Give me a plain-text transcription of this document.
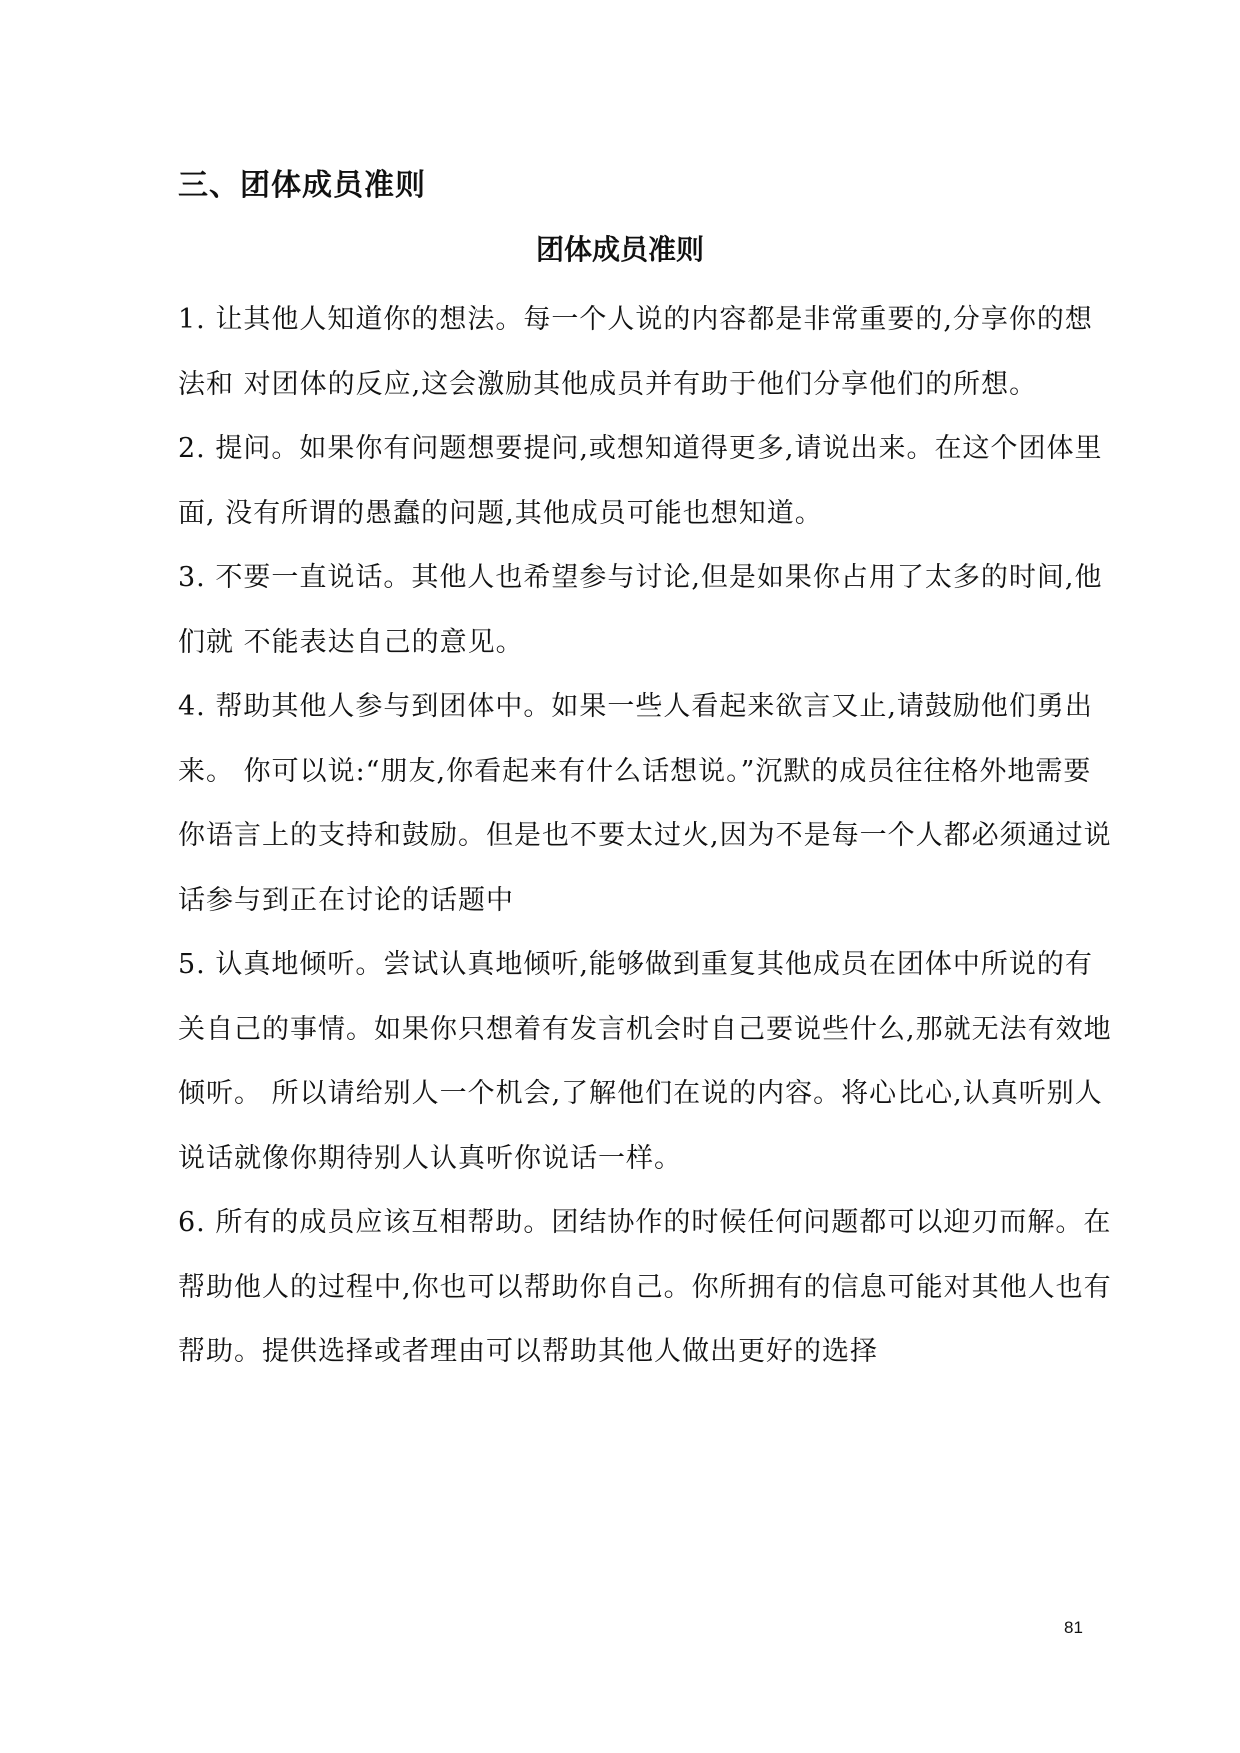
三、团体成员准则
团体成员准则

1. 让其他人知道你的想法。每一个人说的内容都是非常重要的,分享你的想法和 对团体的反应,这会激励其他成员并有助于他们分享他们的所想。

2. 提问。如果你有问题想要提问,或想知道得更多,请说出来。在这个团体里面, 没有所谓的愚蠢的问题,其他成员可能也想知道。

3. 不要一直说话。其他人也希望参与讨论,但是如果你占用了太多的时间,他们就 不能表达自己的意见。

4. 帮助其他人参与到团体中。如果一些人看起来欲言又止,请鼓励他们勇出来。 你可以说:“朋友,你看起来有什么话想说。”沉默的成员往往格外地需要你语言上的支持和鼓励。但是也不要太过火,因为不是每一个人都必须通过说话参与到正在讨论的话题中

5. 认真地倾听。尝试认真地倾听,能够做到重复其他成员在团体中所说的有关自己的事情。如果你只想着有发言机会时自己要说些什么,那就无法有效地倾听。 所以请给别人一个机会,了解他们在说的内容。将心比心,认真听别人说话就像你期待别人认真听你说话一样。

6. 所有的成员应该互相帮助。团结协作的时候任何问题都可以迎刃而解。在帮助他人的过程中,你也可以帮助你自己。你所拥有的信息可能对其他人也有帮助。提供选择或者理由可以帮助其他人做出更好的选择

81
